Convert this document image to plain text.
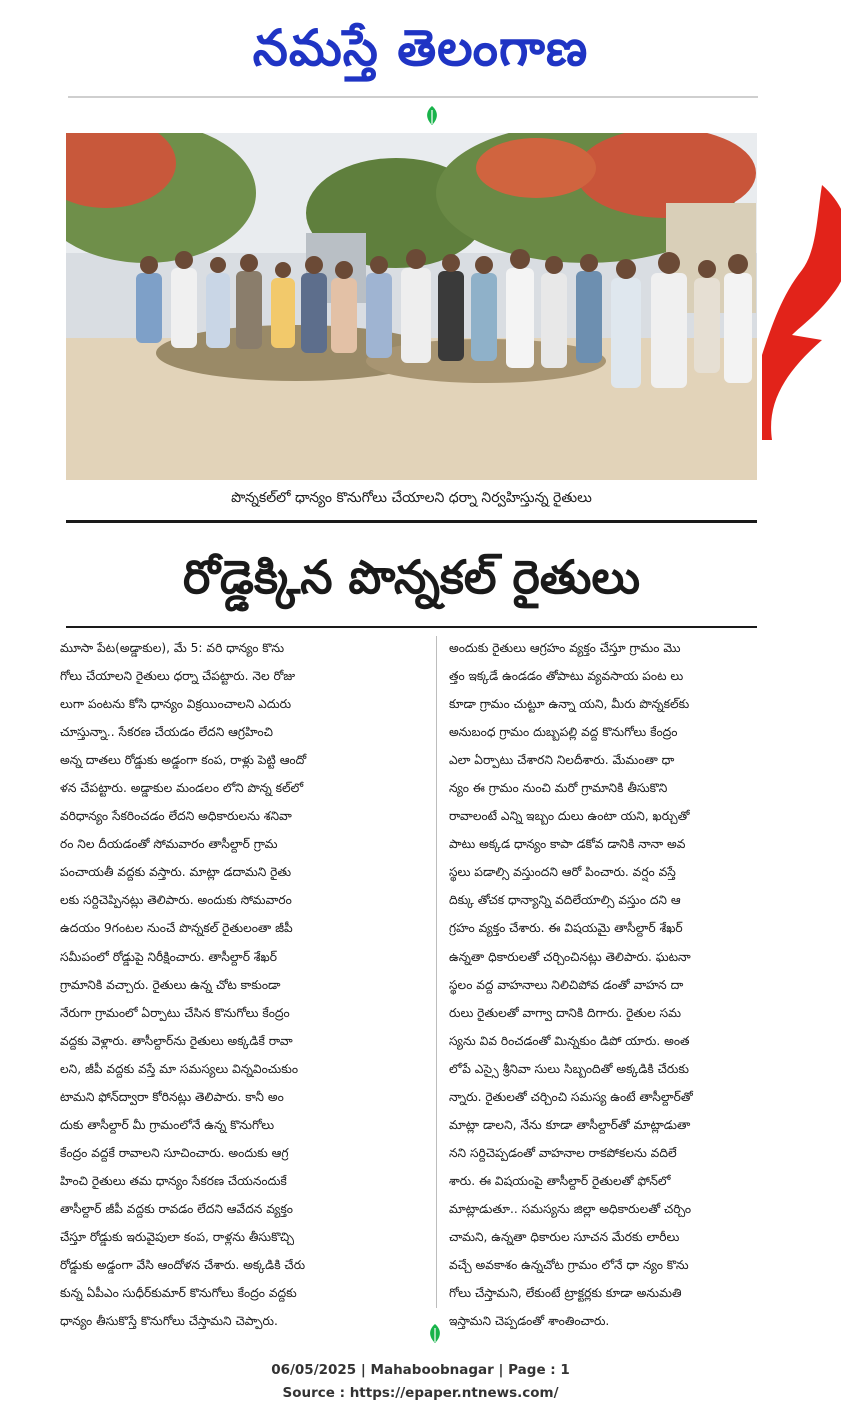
నమస్తే తెలంగాణ
పొన్నకల్‌లో ధాన్యం కొనుగోలు చేయాలని ధర్నా నిర్వహిస్తున్న రైతులు
రోడ్డెక్కిన పొన్నకల్ రైతులు
మూసా పేట(అడ్డాకుల), మే 5: వరి ధాన్యం కొను
గోలు చేయాలని రైతులు ధర్నా చేపట్టారు. నెల రోజు
లుగా పంటను కోసి ధాన్యం విక్రయించాలని ఎదురు
చూస్తున్నా.. సేకరణ చేయడం లేదని ఆగ్రహించి
అన్న దాతలు రోడ్డుకు అడ్డంగా కంప, రాళ్లు పెట్టి ఆందో
ళన చేపట్టారు. అడ్డాకుల మండలం లోని పొన్న కల్‌లో
వరిధాన్యం సేకరించడం లేదని అధికారులను శనివా
రం నిల దీయడంతో సోమవారం తాసీల్దార్ గ్రామ
పంచాయతీ వద్దకు వస్తారు. మాట్లా డదామని రైతు
లకు సర్దిచెప్పినట్లు తెలిపారు. అందుకు సోమవారం
ఉదయం 9గంటల నుంచే పొన్నకల్ రైతులంతా జీపీ
సమీపంలో రోడ్డుపై నిరీక్షించారు. తాసీల్దార్ శేఖర్
గ్రామానికి వచ్చారు. రైతులు ఉన్న చోట కాకుండా
నేరుగా గ్రామంలో ఏర్పాటు చేసిన కొనుగోలు కేంద్రం
వద్దకు వెళ్లారు. తాసీల్దార్‌ను రైతులు అక్కడికే రావా
లని, జీపీ వద్దకు వస్తే మా సమస్యలు విన్నవించుకుం
టామని ఫోన్‌ద్వారా కోరినట్లు తెలిపారు. కానీ అం
దుకు తాసీల్దార్ మీ గ్రామంలోనే ఉన్న కొనుగోలు
కేంద్రం వద్దకే రావాలని సూచించారు. అందుకు ఆగ్ర
హించి రైతులు తమ ధాన్యం సేకరణ చేయనందుకే
తాసీల్దార్ జీపీ వద్దకు రావడం లేదని ఆవేదన వ్యక్తం
చేస్తూ రోడ్డుకు ఇరువైపులా కంప, రాళ్లను తీసుకొచ్చి
రోడ్డుకు అడ్డంగా వేసి ఆందోళన చేశారు. అక్కడికి చేరు
కున్న ఏపీఎం సుధీర్‌కుమార్ కొనుగోలు కేంద్రం వద్దకు
ధాన్యం తీసుకొస్తే కొనుగోలు చేస్తామని చెప్పారు.
అందుకు రైతులు ఆగ్రహం వ్యక్తం చేస్తూ గ్రామం మొ
త్తం ఇక్కడే ఉండడం తోపాటు వ్యవసాయ పంట లు
కూడా గ్రామం చుట్టూ ఉన్నా యని, మీరు పొన్నకల్‌కు
అనుబంధ గ్రామం దుబ్బపల్లి వద్ద కొనుగోలు కేంద్రం
ఎలా ఏర్పాటు చేశారని నిలదీశారు. మేమంతా ధా
న్యం ఈ గ్రామం నుంచి మరో గ్రామానికి తీసుకొని
రావాలంటే ఎన్ని ఇబ్బం దులు ఉంటా యని, ఖర్చుతో
పాటు అక్కడ ధాన్యం కాపా డకోవ డానికి నానా అవ
స్థలు పడాల్సి వస్తుందని ఆరో పించారు. వర్షం వస్తే
దిక్కు తోచక ధాన్యాన్ని వదిలేయాల్సి వస్తుం దని ఆ
గ్రహం వ్యక్తం చేశారు. ఈ విషయమై తాసీల్దార్ శేఖర్
ఉన్నతా ధికారులతో చర్చించినట్లు తెలిపారు. ఘటనా
స్థలం వద్ద వాహనాలు నిలిచిపోవ డంతో వాహన దా
రులు రైతులతో వాగ్వా దానికి దిగారు. రైతుల సమ
స్యను వివ రించడంతో మిన్నకుం డిపో యారు. అంత
లోపే ఎస్సై శ్రీనివా సులు సిబ్బందితో అక్కడికి చేరుకు
న్నారు. రైతులతో చర్చించి సమస్య ఉంటే తాసీల్దార్‌తో
మాట్లా డాలని, నేను కూడా తాసీల్దార్‌తో మాట్లాడుతా
నని సర్దిచెప్పడంతో వాహనాల రాకపోకలను వదిలే
శారు. ఈ విషయంపై తాసీల్దార్ రైతులతో ఫోన్‌లో
మాట్లాడుతూ.. సమస్యను జిల్లా అధికారులతో చర్చిం
చామని, ఉన్నతా ధికారుల సూచన మేరకు లారీలు
వచ్చే అవకాశం ఉన్నచోట గ్రామం లోనే ధా న్యం కొను
గోలు చేస్తామని, లేకుంటే ట్రాక్టర్లకు కూడా అనుమతి
ఇస్తామని చెప్పడంతో శాంతించారు.
06/05/2025 | Mahaboobnagar | Page : 1
Source : https://epaper.ntnews.com/
